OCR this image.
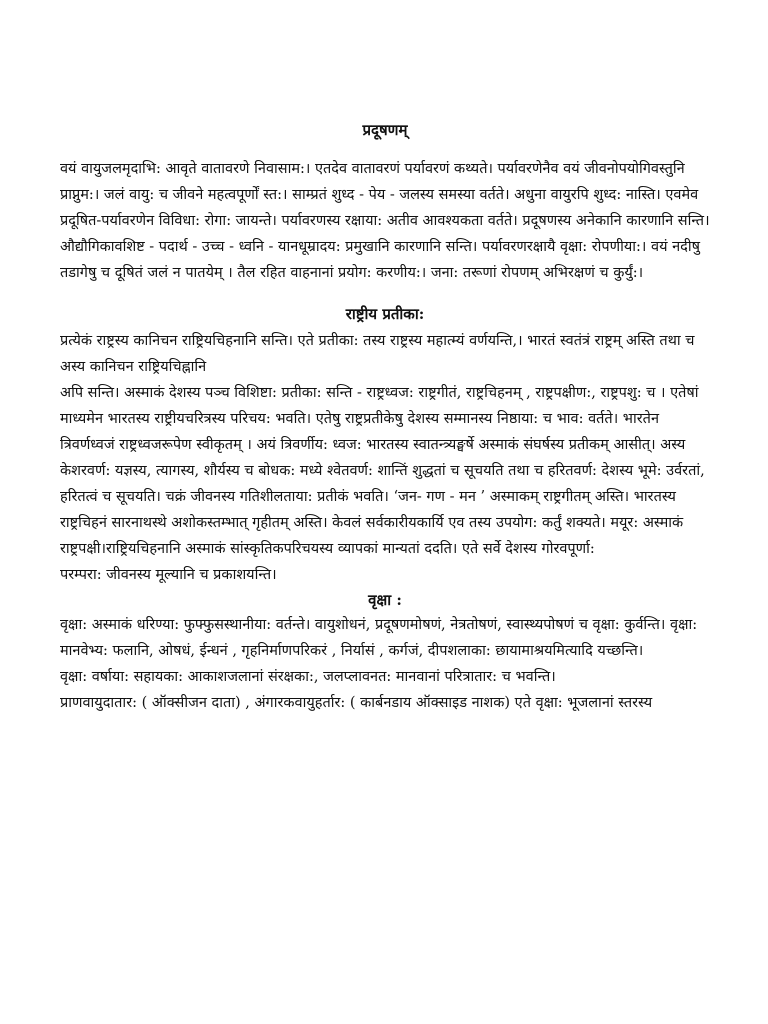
प्रदूषणम्

वयं वायुजलमृदाभि: आवृते वातावरणे निवासाम:। एतदेव वातावरणं पर्यावरणं कथ्यते। पर्यावरणेनैव वयं जीवनोपयोगिवस्तुनि प्राप्नुम:। जलं वायु: च जीवने महत्वपूर्णों स्त:। साम्प्रतं शुध्द - पेय - जलस्य समस्या वर्तते। अधुना वायुरपि शुध्द: नास्ति। एवमेव प्रदूषित-पर्यावरणेन विविधा: रोगा: जायन्ते। पर्यावरणस्य रक्षाया: अतीव आवश्यकता वर्तते। प्रदूषणस्य अनेकानि कारणानि सन्ति। औद्यौगिकावशिष्ट - पदार्थ - उच्च - ध्वनि - यानधूम्रादय: प्रमुखानि कारणानि सन्ति। पर्यावरणरक्षायै वृक्षा: रोपणीया:। वयं नदीषु तडागेषु च दूषितं जलं न पातयेम् । तैल रहित वाहनानां प्रयोग: करणीय:। जना: तरूणां रोपणम् अभिरक्षणं च कुर्युं:।

राष्ट्रीय प्रतीका:

प्रत्येकं राष्ट्रस्य कानिचन राष्ट्रियचिहनानि सन्ति। एते प्रतीका: तस्य राष्ट्रस्य महात्म्यं वर्णयन्ति,। भारतं स्वतंत्रं राष्ट्रम् अस्ति तथा च अस्य कानिचन राष्ट्रियचिह्नानि

अपि सन्ति। अस्माकं देशस्य पञ्च विशिष्टा: प्रतीका: सन्ति - राष्ट्रध्वज: राष्ट्रगीतं, राष्ट्रचिहनम् , राष्ट्रपक्षीण:, राष्ट्रपशु: च । एतेषां माध्यमेन भारतस्य राष्ट्रीयचरित्रस्य परिचय: भवति। एतेषु राष्ट्रप्रतीकेषु देशस्य सम्मानस्य निष्ठाया: च भाव: वर्तते। भारतेन त्रिवर्णध्वजं राष्ट्रध्वजरूपेण स्वीकृतम् । अयं त्रिवर्णीय: ध्वज: भारतस्य स्वातन्त्र्यङ्घर्षे अस्माकं संघर्षस्य प्रतीकम् आसीत्। अस्य केशरवर्ण: यज्ञस्य, त्यागस्य, शौर्यस्य च बोधक: मध्ये श्वेतवर्ण: शान्तिं शुद्धतां च सूचयति तथा च हरितवर्ण: देशस्य भूमे: उर्वरतां, हरितत्वं च सूचयति। चक्रं जीवनस्य गतिशीलताया: प्रतीकं भवति। ‘जन- गण - मन ’ अस्माकम् राष्ट्रगीतम् अस्ति। भारतस्य राष्ट्रचिहनं सारनाथस्थे अशोकस्तम्भात् गृहीतम् अस्ति। केवलं सर्वकारीयकार्यि एव तस्य उपयोग: कर्तुं शक्यते। मयूर: अस्माकं राष्ट्रपक्षी।राष्ट्रियचिहनानि अस्माकं सांस्कृतिकपरिचयस्य व्यापकां मान्यतां ददति। एते सर्वे देशस्य गोरवपूर्णा:

परम्परा: जीवनस्य मूल्यानि च प्रकाशयन्ति।

वृक्षा :

वृक्षा: अस्माकं धरिण्या: फुफ्फुसस्थानीया: वर्तन्ते। वायुशोधनं, प्रदूषणमोषणं, नेत्रतोषणं, स्वास्थ्यपोषणं च वृक्षा: कुर्वन्ति। वृक्षा: मानवेभ्य: फलानि, ओषधं, ईन्धनं , गृहनिर्माणपरिकरं , निर्यासं , कर्गजं, दीपशलाका: छायामाश्रयमित्यादि यच्छन्ति।

वृक्षा: वर्षाया: सहायका: आकाशजलानां संरक्षका:, जलप्लावनत: मानवानां परित्रातार: च भवन्ति।

प्राणवायुदातार: ( ऑक्सीजन दाता) , अंगारकवायुहर्तार: ( कार्बनडाय ऑक्साइड नाशक) एते वृक्षा: भूजलानां स्तरस्य
